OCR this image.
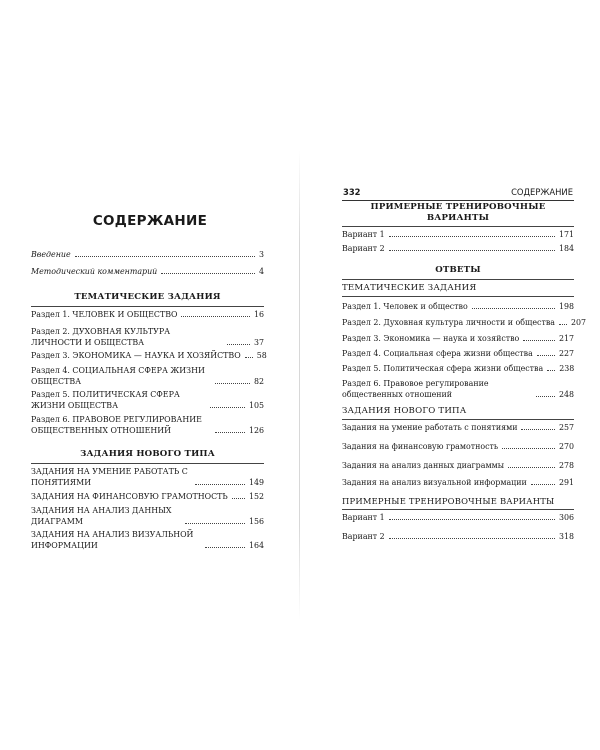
СОДЕРЖАНИЕ
Введение	3
Методический комментарий	4
ТЕМАТИЧЕСКИЕ ЗАДАНИЯ
Раздел 1. ЧЕЛОВЕК И ОБЩЕСТВО	16
Раздел 2. ДУХОВНАЯ КУЛЬТУРА ЛИЧНОСТИ И ОБЩЕСТВА	37
Раздел 3. ЭКОНОМИКА — НАУКА И ХОЗЯЙСТВО 58
Раздел 4. СОЦИАЛЬНАЯ СФЕРА ЖИЗНИ ОБЩЕСТВА	82
Раздел 5. ПОЛИТИЧЕСКАЯ СФЕРА ЖИЗНИ ОБЩЕСТВА	105
Раздел 6. ПРАВОВОЕ РЕГУЛИРОВАНИЕ ОБЩЕСТВЕННЫХ ОТНОШЕНИЙ	126
ЗАДАНИЯ НОВОГО ТИПА
ЗАДАНИЯ НА УМЕНИЕ РАБОТАТЬ С ПОНЯТИЯМИ	149
ЗАДАНИЯ НА ФИНАНСОВУЮ ГРАМОТНОСТЬ	152
ЗАДАНИЯ НА АНАЛИЗ ДАННЫХ ДИАГРАММ	156
ЗАДАНИЯ НА АНАЛИЗ ВИЗУАЛЬНОЙ ИНФОРМАЦИИ	164
332	СОДЕРЖАНИЕ
ПРИМЕРНЫЕ ТРЕНИРОВОЧНЫЕ ВАРИАНТЫ
Вариант 1	171
Вариант 2	184
ОТВЕТЫ
ТЕМАТИЧЕСКИЕ ЗАДАНИЯ
Раздел 1. Человек и общество	198
Раздел 2. Духовная культура личности и общества 207
Раздел 3. Экономика — наука и хозяйство	217
Раздел 4. Социальная сфера жизни общества	227
Раздел 5. Политическая сфера жизни общества 238
Раздел 6. Правовое регулирование общественных отношений	248
ЗАДАНИЯ НОВОГО ТИПА
Задания на умение работать с понятиями	257
Задания на финансовую грамотность	270
Задания на анализ данных диаграммы	278
Задания на анализ визуальной информации	291
ПРИМЕРНЫЕ ТРЕНИРОВОЧНЫЕ ВАРИАНТЫ
Вариант 1	306
Вариант 2	318
